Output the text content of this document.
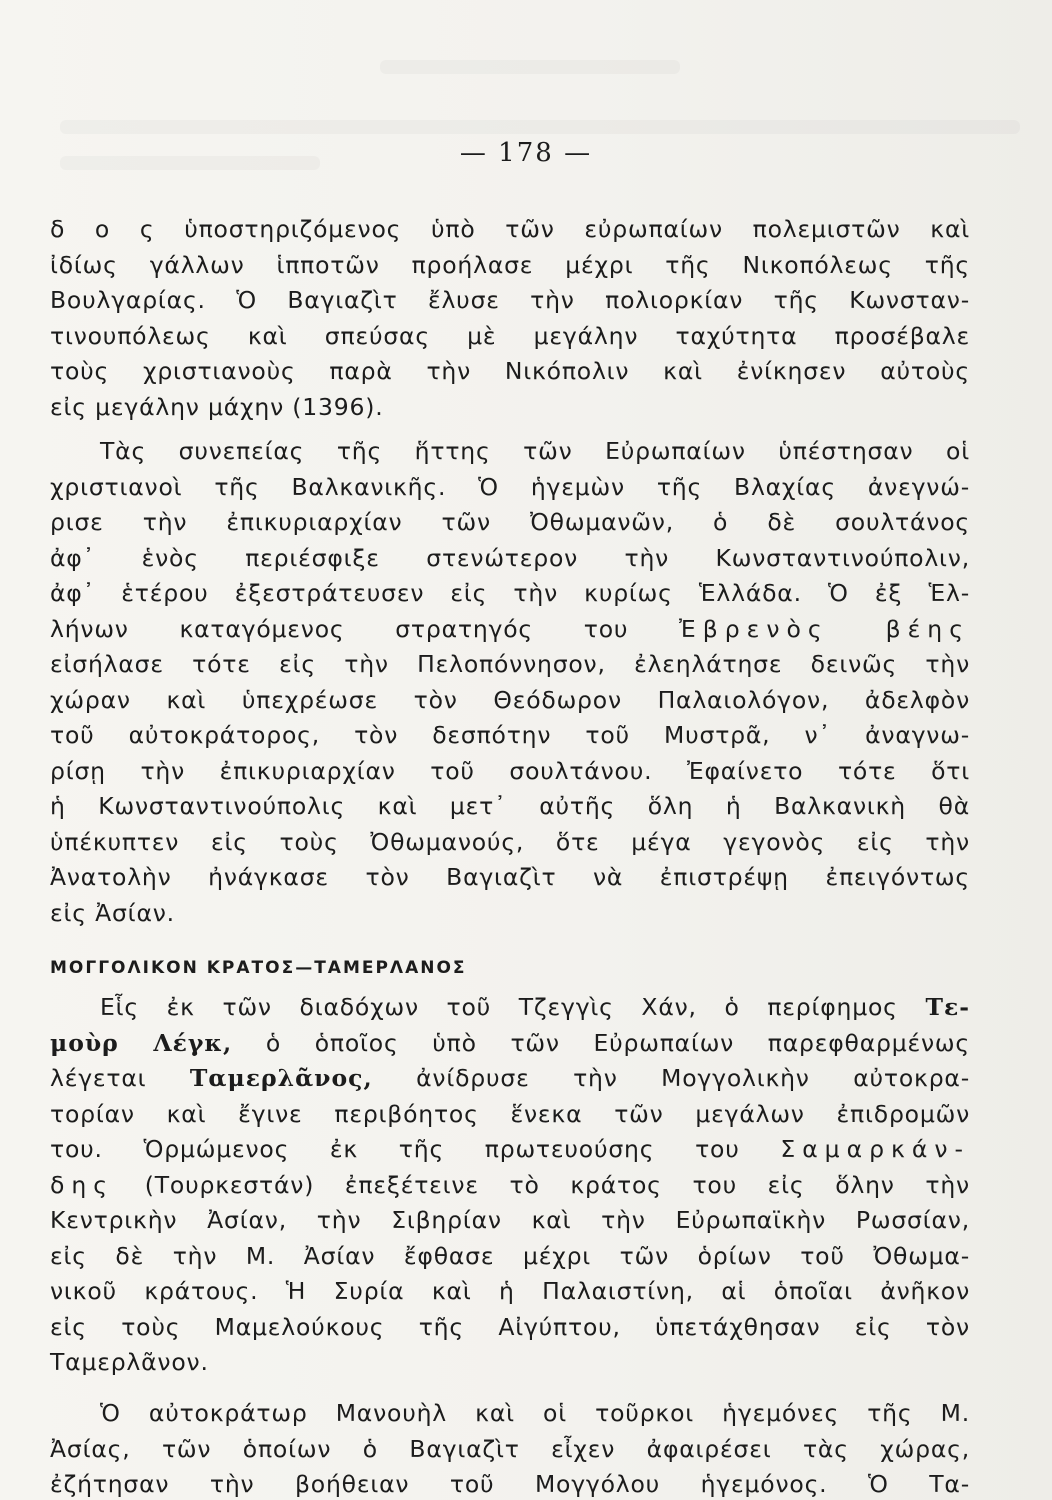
— 178 —
δ ο ς ὑποστηριζόμενος ὑπὸ τῶν εὐρωπαίων πολεμιστῶν καὶ
ἰδίως γάλλων ἱπποτῶν προήλασε μέχρι τῆς Νικοπόλεως τῆς
Βουλγαρίας. Ὁ Βαγιαζὶτ ἔλυσε τὴν πολιορκίαν τῆς Κωνσταν-
τινουπόλεως καὶ σπεύσας μὲ μεγάλην ταχύτητα προσέβαλε
τοὺς χριστιανοὺς παρὰ τὴν Νικόπολιν καὶ ἐνίκησεν αὐτοὺς
εἰς μεγάλην μάχην (1396).
Τὰς συνεπείας τῆς ἥττης τῶν Εὐρωπαίων ὑπέστησαν οἱ
χριστιανοὶ τῆς Βαλκανικῆς. Ὁ ἡγεμὼν τῆς Βλαχίας ἀνεγνώ-
ρισε τὴν ἐπικυριαρχίαν τῶν Ὀθωμανῶν, ὁ δὲ σουλτάνος
ἀφ᾽ ἑνὸς περιέσφιξε στενώτερον τὴν Κωνσταντινούπολιν,
ἀφ᾽ ἑτέρου ἐξεστράτευσεν εἰς τὴν κυρίως Ἑλλάδα. Ὁ ἐξ Ἑλ-
λήνων καταγόμενος στρατηγός του Ἐβρενὸς βέης
εἰσήλασε τότε εἰς τὴν Πελοπόννησον, ἐλεηλάτησε δεινῶς τὴν
χώραν καὶ ὑπεχρέωσε τὸν Θεόδωρον Παλαιολόγον, ἀδελφὸν
τοῦ αὐτοκράτορος, τὸν δεσπότην τοῦ Μυστρᾶ, ν᾽ ἀναγνω-
ρίσῃ τὴν ἐπικυριαρχίαν τοῦ σουλτάνου. Ἐφαίνετο τότε ὅτι
ἡ Κωνσταντινούπολις καὶ μετ᾽ αὐτῆς ὅλη ἡ Βαλκανικὴ θὰ
ὑπέκυπτεν εἰς τοὺς Ὀθωμανούς, ὅτε μέγα γεγονὸς εἰς τὴν
Ἀνατολὴν ἠνάγκασε τὸν Βαγιαζὶτ νὰ ἐπιστρέψῃ ἐπειγόντως
εἰς Ἀσίαν.
ΜΟΓΓΟΛΙΚΟΝ ΚΡΑΤΟΣ—ΤΑΜΕΡΛΑΝΟΣ
Εἷς ἐκ τῶν διαδόχων τοῦ Τζεγγὶς Χάν, ὁ περίφημος Τε-
μοὺρ Λέγκ, ὁ ὁποῖος ὑπὸ τῶν Εὐρωπαίων παρεφθαρμένως
λέγεται Ταμερλᾶνος, ἀνίδρυσε τὴν Μογγολικὴν αὐτοκρα-
τορίαν καὶ ἔγινε περιβόητος ἕνεκα τῶν μεγάλων ἐπιδρομῶν
του. Ὁρμώμενος ἐκ τῆς πρωτευούσης του Σαμαρκάν-
δης (Τουρκεστάν) ἐπεξέτεινε τὸ κράτος του εἰς ὅλην τὴν
Κεντρικὴν Ἀσίαν, τὴν Σιβηρίαν καὶ τὴν Εὐρωπαϊκὴν Ρωσσίαν,
εἰς δὲ τὴν Μ. Ἀσίαν ἔφθασε μέχρι τῶν ὁρίων τοῦ Ὀθωμα-
νικοῦ κράτους. Ἡ Συρία καὶ ἡ Παλαιστίνη, αἱ ὁποῖαι ἀνῆκον
εἰς τοὺς Μαμελούκους τῆς Αἰγύπτου, ὑπετάχθησαν εἰς τὸν
Ταμερλᾶνον.
Ὁ αὐτοκράτωρ Μανουὴλ καὶ οἱ τοῦρκοι ἡγεμόνες τῆς Μ.
Ἀσίας, τῶν ὁποίων ὁ Βαγιαζὶτ εἶχεν ἀφαιρέσει τὰς χώρας,
ἐζήτησαν τὴν βοήθειαν τοῦ Μογγόλου ἡγεμόνος. Ὁ Τα-
